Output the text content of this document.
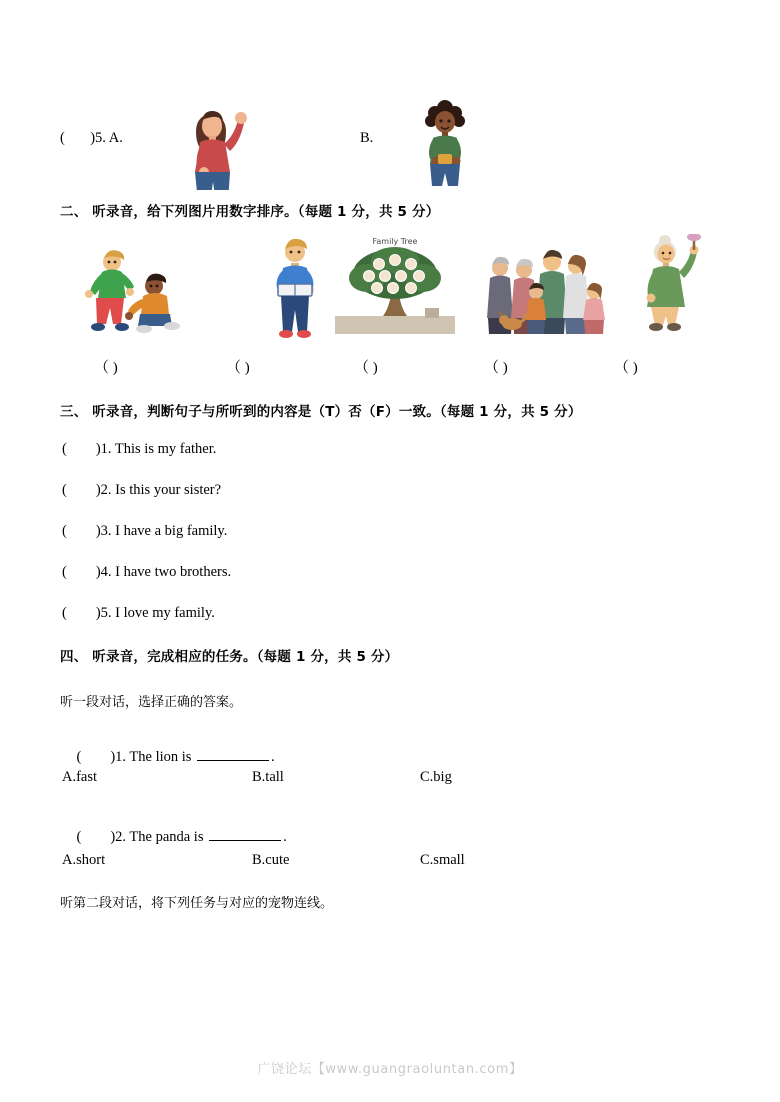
(       )5. A.	B.
二、 听录音，给下列图片用数字排序。（每题 1 分，共 5 分）
Family Tree
（ )	（ )	（ )	（ )	（ )
三、 听录音，判断句子与所听到的内容是（T）否（F）一致。（每题 1 分，共 5 分）
(        )1. This is my father.
(        )2. Is this your sister?
(        )3. I have a big family.
(        )4. I have two brothers.
(        )5. I love my family.
四、 听录音，完成相应的任务。（每题 1 分，共 5 分）
听一段对话，选择正确的答案。

(        )1. The lion is	.

A.fast	B.tall	C.big

(        )2. The panda is	.

A.short	B.cute	C.small
听第二段对话，将下列任务与对应的宠物连线。
广饶论坛【www.guangraoluntan.com】
